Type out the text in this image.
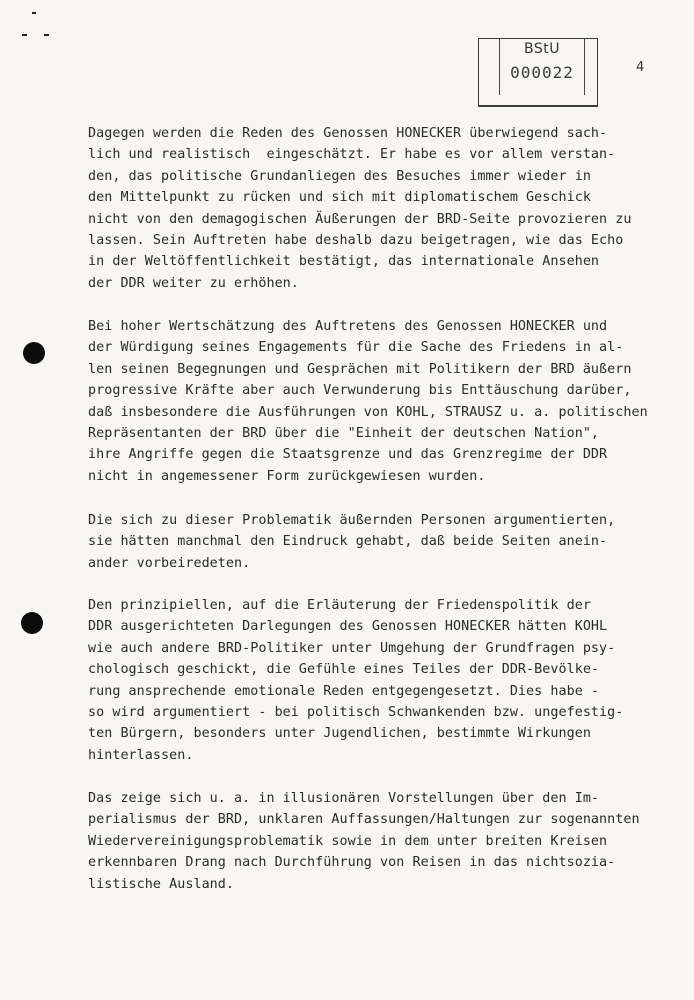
BStU
000022	4
Dagegen werden die Reden des Genossen HONECKER überwiegend sach-
lich und realistisch  eingeschätzt. Er habe es vor allem verstan-
den, das politische Grundanliegen des Besuches immer wieder in
den Mittelpunkt zu rücken und sich mit diplomatischem Geschick
nicht von den demagogischen Äußerungen der BRD-Seite provozieren zu
lassen. Sein Auftreten habe deshalb dazu beigetragen, wie das Echo
in der Weltöffentlichkeit bestätigt, das internationale Ansehen
der DDR weiter zu erhöhen.
Bei hoher Wertschätzung des Auftretens des Genossen HONECKER und
der Würdigung seines Engagements für die Sache des Friedens in al-
len seinen Begegnungen und Gesprächen mit Politikern der BRD äußern
progressive Kräfte aber auch Verwunderung bis Enttäuschung darüber,
daß insbesondere die Ausführungen von KOHL, STRAUSZ u. a. politischen
Repräsentanten der BRD über die "Einheit der deutschen Nation",
ihre Angriffe gegen die Staatsgrenze und das Grenzregime der DDR
nicht in angemessener Form zurückgewiesen wurden.
Die sich zu dieser Problematik äußernden Personen argumentierten,
sie hätten manchmal den Eindruck gehabt, daß beide Seiten anein-
ander vorbeiredeten.
Den prinzipiellen, auf die Erläuterung der Friedenspolitik der
DDR ausgerichteten Darlegungen des Genossen HONECKER hätten KOHL
wie auch andere BRD-Politiker unter Umgehung der Grundfragen psy-
chologisch geschickt, die Gefühle eines Teiles der DDR-Bevölke-
rung ansprechende emotionale Reden entgegengesetzt. Dies habe -
so wird argumentiert - bei politisch Schwankenden bzw. ungefestig-
ten Bürgern, besonders unter Jugendlichen, bestimmte Wirkungen
hinterlassen.
Das zeige sich u. a. in illusionären Vorstellungen über den Im-
perialismus der BRD, unklaren Auffassungen/Haltungen zur sogenannten
Wiedervereinigungsproblematik sowie in dem unter breiten Kreisen
erkennbaren Drang nach Durchführung von Reisen in das nichtsozia-
listische Ausland.
